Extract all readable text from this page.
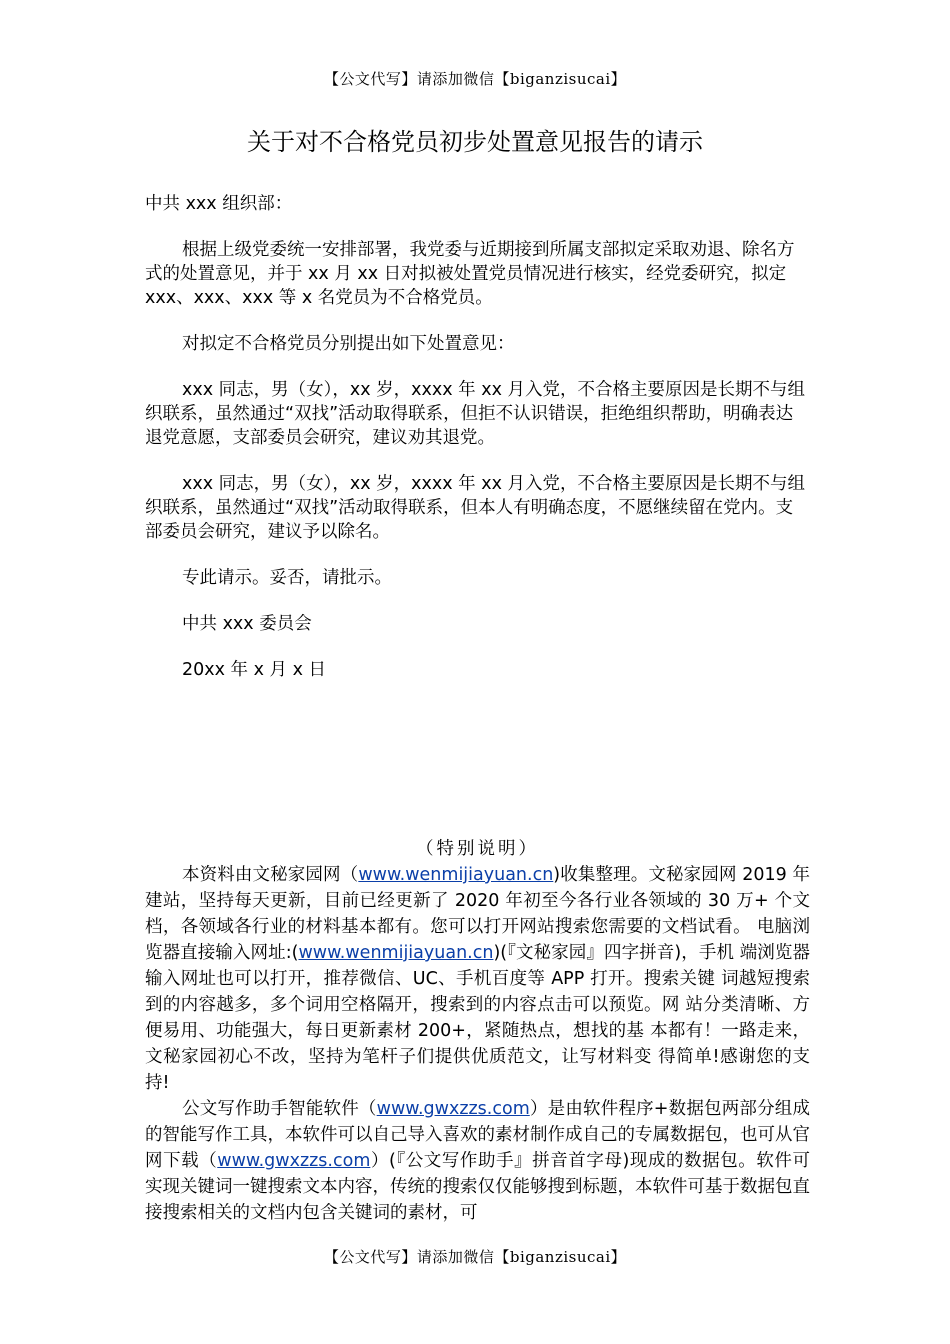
【公文代写】请添加微信【biganzisucai】
关于对不合格党员初步处置意见报告的请示

中共 xxx 组织部：

根据上级党委统一安排部署，我党委与近期接到所属支部拟定采取劝退、除名方式的处置意见，并于 xx 月 xx 日对拟被处置党员情况进行核实，经党委研究，拟定 xxx、xxx、xxx 等 x 名党员为不合格党员。

对拟定不合格党员分别提出如下处置意见：

xxx 同志，男（女），xx 岁，xxxx 年 xx 月入党，不合格主要原因是长期不与组织联系，虽然通过“双找”活动取得联系，但拒不认识错误，拒绝组织帮助，明确表达退党意愿，支部委员会研究，建议劝其退党。

xxx 同志，男（女），xx 岁，xxxx 年 xx 月入党，不合格主要原因是长期不与组织联系，虽然通过“双找”活动取得联系，但本人有明确态度，不愿继续留在党内。支部委员会研究，建议予以除名。

专此请示。妥否，请批示。

中共 xxx 委员会

20xx 年 x 月 x 日

（特别说明）

本资料由文秘家园网（www.wenmijiayuan.cn)收集整理。文秘家园网 2019 年建站，坚持每天更新，目前已经更新了 2020 年初至今各行业各领域的 30 万+ 个文档，各领域各行业的材料基本都有。您可以打开网站搜索您需要的文档试看。 电脑浏览器直接输入网址:(www.wenmijiayuan.cn)(『文秘家园』四字拼音)，手机 端浏览器输入网址也可以打开，推荐微信、UC、手机百度等 APP 打开。搜索关键 词越短搜索到的内容越多，多个词用空格隔开，搜索到的内容点击可以预览。网 站分类清晰、方便易用、功能强大，每日更新素材 200+，紧随热点，想找的基 本都有！一路走来，文秘家园初心不改，坚持为笔杆子们提供优质范文，让写材料变 得简单!感谢您的支持!

公文写作助手智能软件（www.gwxzzs.com）是由软件程序+数据包两部分组成的智能写作工具，本软件可以自己导入喜欢的素材制作成自己的专属数据包，也可从官网下载（www.gwxzzs.com）(『公文写作助手』拼音首字母)现成的数据包。软件可实现关键词一键搜索文本内容，传统的搜索仅仅能够搜到标题，本软件可基于数据包直接搜索相关的文档内包含关键词的素材，可

【公文代写】请添加微信【biganzisucai】
